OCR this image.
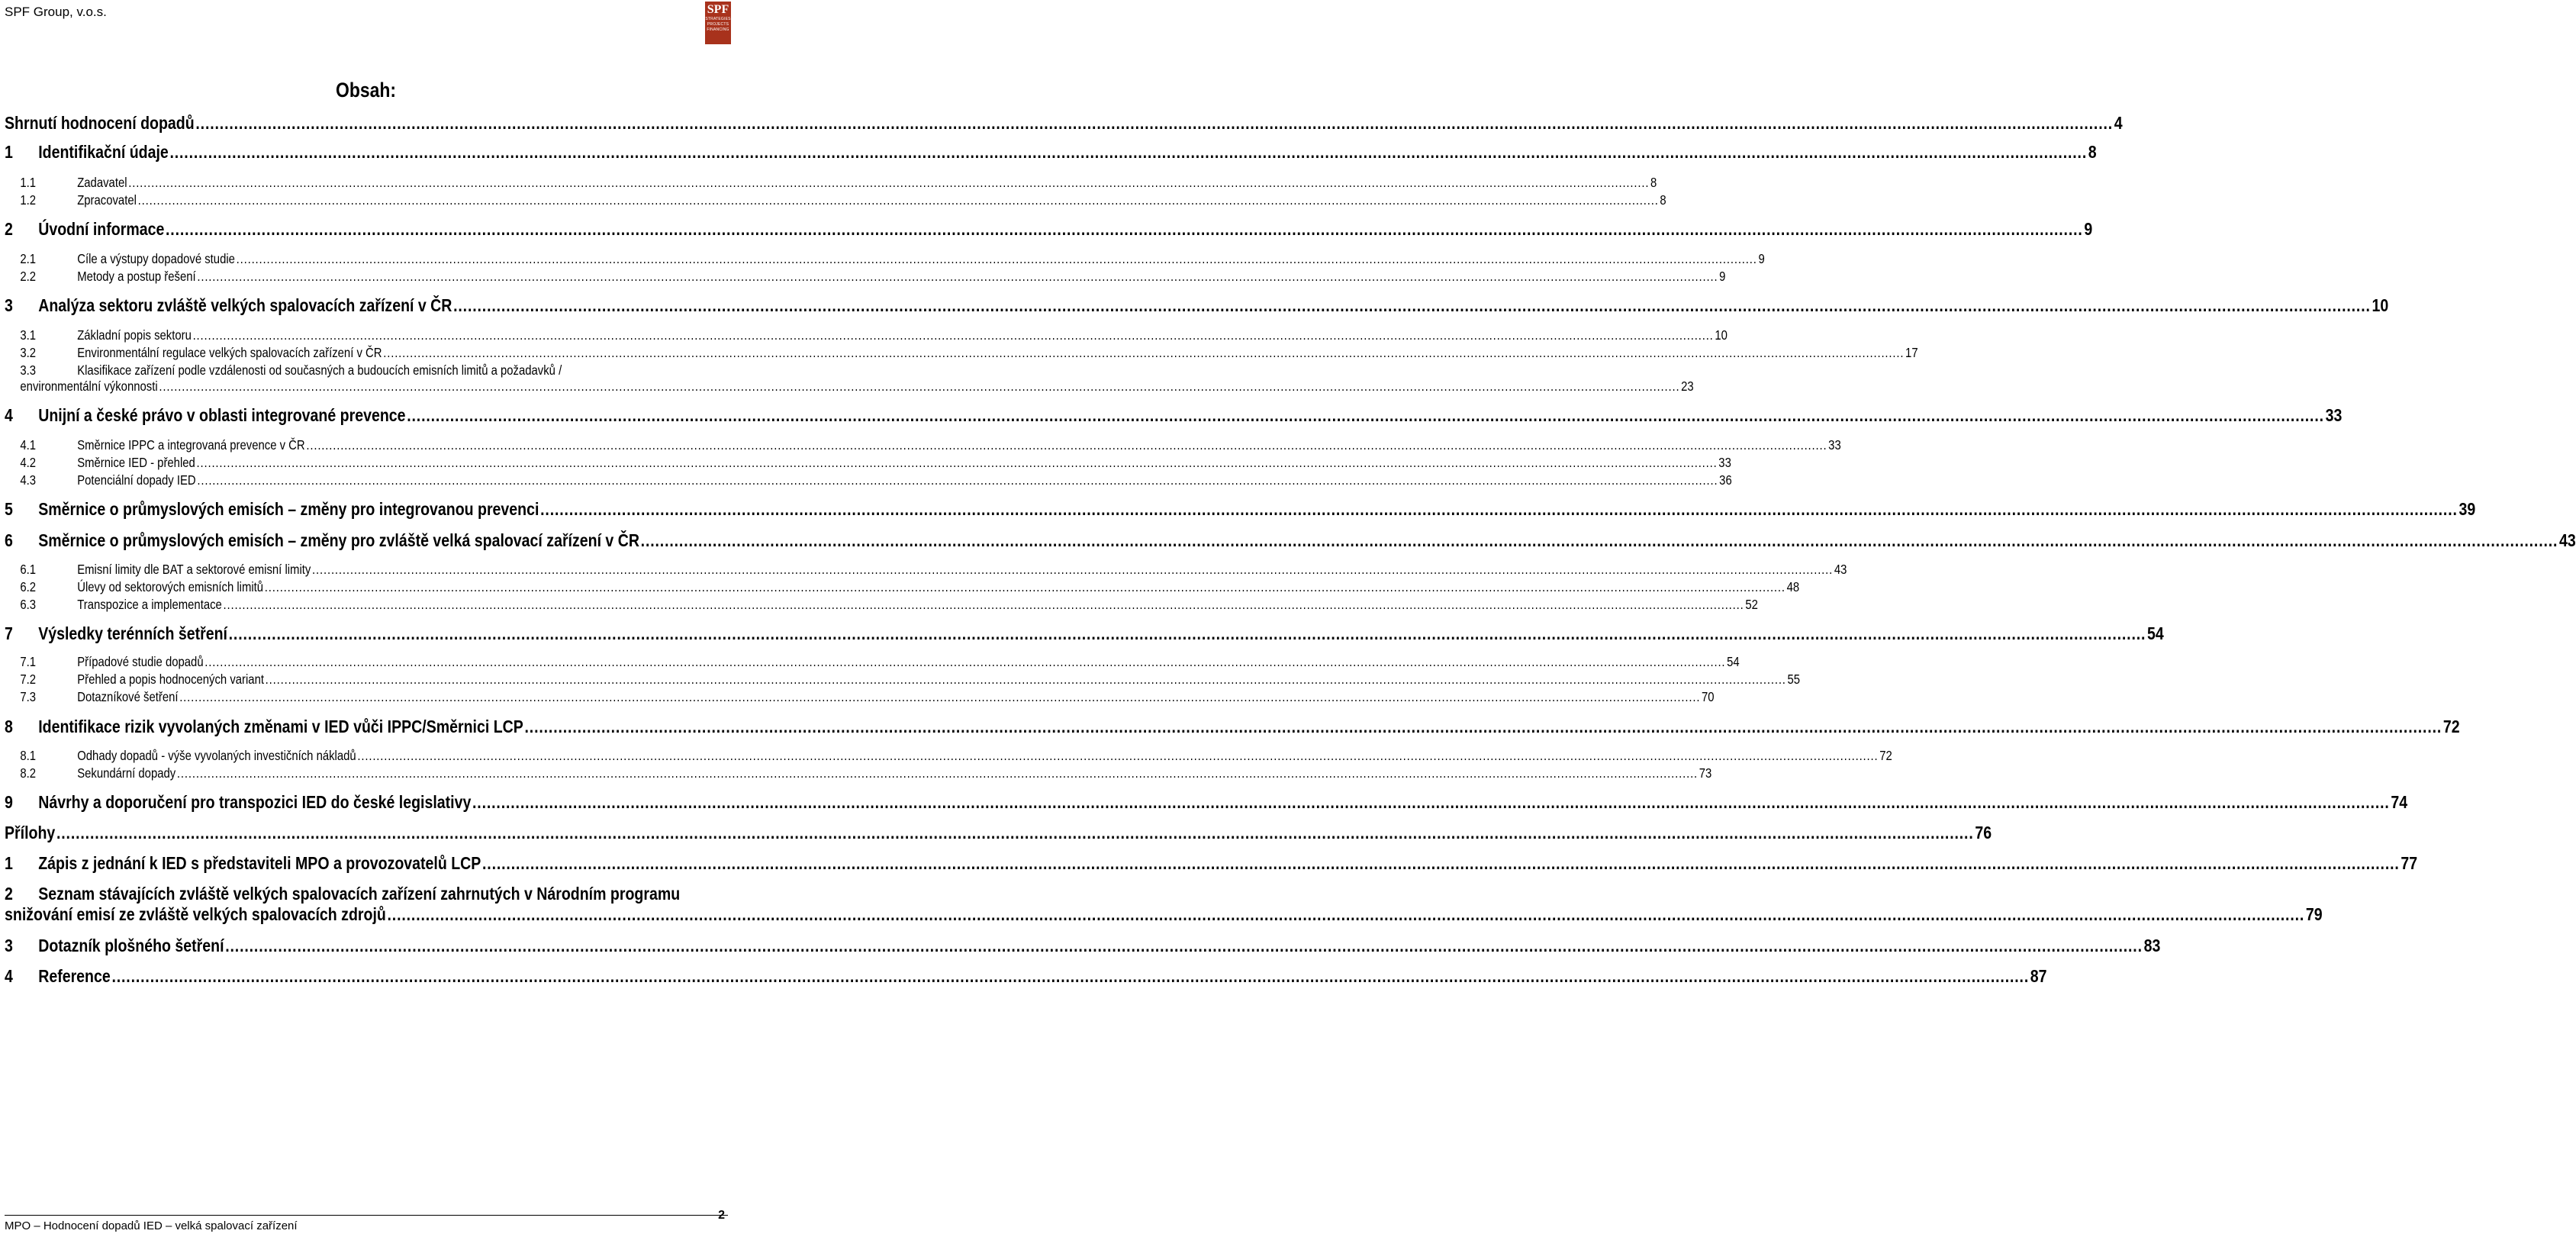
SPF Group, v.o.s.	SPF
STRATEGIES
PROJECTS
FINANCING
Obsah:
Shrnutí hodnocení dopadů ................................................................................................................................................................................................................................................................................................................................................................................................................ 4
1	Identifikační údaje ................................................................................................................................................................................................................................................................................................................................................................................................................ 8
1.1	Zadavatel ................................................................................................................................................................................................................................................................................................................................................................................................................ 8
1.2	Zpracovatel ................................................................................................................................................................................................................................................................................................................................................................................................................ 8
2	Úvodní informace ................................................................................................................................................................................................................................................................................................................................................................................................................ 9
2.1	Cíle a výstupy dopadové studie ................................................................................................................................................................................................................................................................................................................................................................................................................ 9
2.2	Metody a postup řešení ................................................................................................................................................................................................................................................................................................................................................................................................................ 9
3	Analýza sektoru zvláště velkých spalovacích zařízení v ČR ................................................................................................................................................................................................................................................................................................................................................................................................................ 10
3.1	Základní popis sektoru ................................................................................................................................................................................................................................................................................................................................................................................................................ 10
3.2	Environmentální regulace velkých spalovacích zařízení v ČR ................................................................................................................................................................................................................................................................................................................................................................................................................ 17
3.3	Klasifikace zařízení podle vzdálenosti od současných a budoucích emisních limitů a požadavků /
environmentální výkonnosti ................................................................................................................................................................................................................................................................................................................................................................................................................ 23
4	Unijní a české právo v oblasti integrované prevence ................................................................................................................................................................................................................................................................................................................................................................................................................ 33
4.1	Směrnice IPPC a integrovaná prevence v ČR ................................................................................................................................................................................................................................................................................................................................................................................................................ 33
4.2	Směrnice IED - přehled ................................................................................................................................................................................................................................................................................................................................................................................................................ 33
4.3	Potenciální dopady IED ................................................................................................................................................................................................................................................................................................................................................................................................................ 36
5	Směrnice o průmyslových emisích – změny pro integrovanou prevenci ................................................................................................................................................................................................................................................................................................................................................................................................................ 39
6	Směrnice o průmyslových emisích – změny pro zvláště velká spalovací zařízení v ČR ................................................................................................................................................................................................................................................................................................................................................................................................................ 43
6.1	Emisní limity dle BAT a sektorové emisní limity ................................................................................................................................................................................................................................................................................................................................................................................................................ 43
6.2	Úlevy od sektorových emisních limitů ................................................................................................................................................................................................................................................................................................................................................................................................................ 48
6.3	Transpozice a implementace ................................................................................................................................................................................................................................................................................................................................................................................................................ 52
7	Výsledky terénních šetření ................................................................................................................................................................................................................................................................................................................................................................................................................ 54
7.1	Případové studie dopadů ................................................................................................................................................................................................................................................................................................................................................................................................................ 54
7.2	Přehled a popis hodnocených variant ................................................................................................................................................................................................................................................................................................................................................................................................................ 55
7.3	Dotazníkové šetření ................................................................................................................................................................................................................................................................................................................................................................................................................ 70
8	Identifikace rizik vyvolaných změnami v IED vůči IPPC/Směrnici LCP ................................................................................................................................................................................................................................................................................................................................................................................................................ 72
8.1	Odhady dopadů - výše vyvolaných investičních nákladů ................................................................................................................................................................................................................................................................................................................................................................................................................ 72
8.2	Sekundární dopady ................................................................................................................................................................................................................................................................................................................................................................................................................ 73
9	Návrhy a doporučení pro transpozici IED do české legislativy ................................................................................................................................................................................................................................................................................................................................................................................................................ 74
Přílohy ................................................................................................................................................................................................................................................................................................................................................................................................................ 76
1	Zápis z jednání k IED s představiteli MPO a provozovatelů LCP ................................................................................................................................................................................................................................................................................................................................................................................................................ 77
2	Seznam stávajících zvláště velkých spalovacích zařízení zahrnutých v Národním programu
snižování emisí ze zvláště velkých spalovacích zdrojů ................................................................................................................................................................................................................................................................................................................................................................................................................ 79
3	Dotazník plošného šetření ................................................................................................................................................................................................................................................................................................................................................................................................................ 83
4	Reference ................................................................................................................................................................................................................................................................................................................................................................................................................ 87
MPO – Hodnocení dopadů IED – velká spalovací zařízení
2
